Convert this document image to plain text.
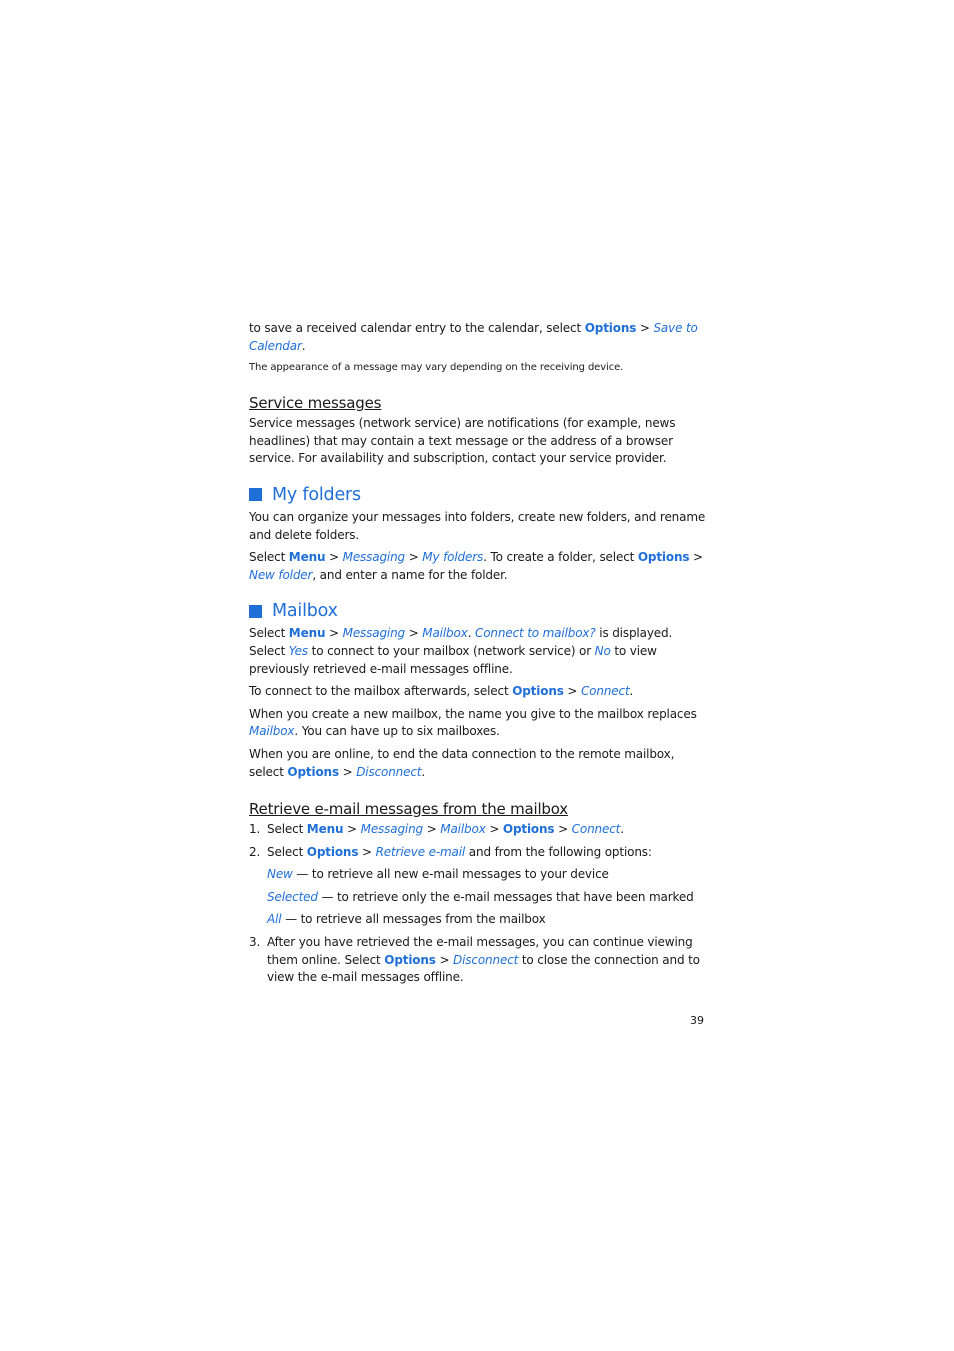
to save a received calendar entry to the calendar, select Options > Save to Calendar.

The appearance of a message may vary depending on the receiving device.

Service messages

Service messages (network service) are notifications (for example, news headlines) that may contain a text message or the address of a browser service. For availability and subscription, contact your service provider.

My folders

You can organize your messages into folders, create new folders, and rename and delete folders.

Select Menu > Messaging > My folders. To create a folder, select Options > New folder, and enter a name for the folder.

Mailbox

Select Menu > Messaging > Mailbox. Connect to mailbox? is displayed. Select Yes to connect to your mailbox (network service) or No to view previously retrieved e-mail messages offline.

To connect to the mailbox afterwards, select Options > Connect.

When you create a new mailbox, the name you give to the mailbox replaces Mailbox. You can have up to six mailboxes.

When you are online, to end the data connection to the remote mailbox, select Options > Disconnect.

Retrieve e-mail messages from the mailbox

1. Select Menu > Messaging > Mailbox > Options > Connect.

2. Select Options > Retrieve e-mail and from the following options:

New — to retrieve all new e-mail messages to your device

Selected — to retrieve only the e-mail messages that have been marked

All — to retrieve all messages from the mailbox

3. After you have retrieved the e-mail messages, you can continue viewing them online. Select Options > Disconnect to close the connection and to view the e-mail messages offline.

39
